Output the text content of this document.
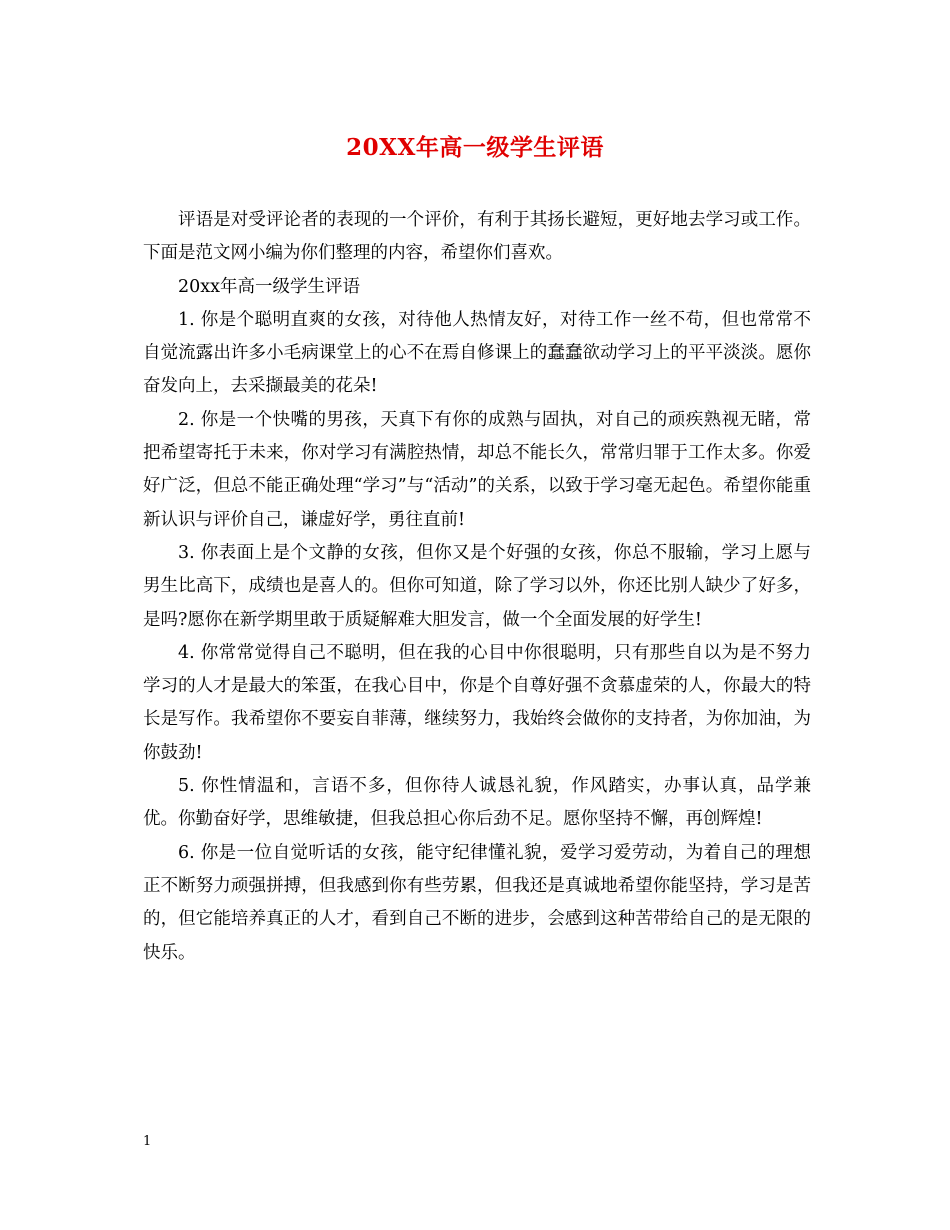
20XX年高一级学生评语

评语是对受评论者的表现的一个评价，有利于其扬长避短，更好地去学习或工作。下面是范文网小编为你们整理的内容，希望你们喜欢。

20xx年高一级学生评语

1. 你是个聪明直爽的女孩，对待他人热情友好，对待工作一丝不苟，但也常常不自觉流露出许多小毛病课堂上的心不在焉自修课上的蠢蠢欲动学习上的平平淡淡。愿你奋发向上，去采撷最美的花朵!

2. 你是一个快嘴的男孩，天真下有你的成熟与固执，对自己的顽疾熟视无睹，常把希望寄托于未来，你对学习有满腔热情，却总不能长久，常常归罪于工作太多。你爱好广泛，但总不能正确处理“学习”与“活动”的关系，以致于学习毫无起色。希望你能重新认识与评价自己，谦虚好学，勇往直前!

3. 你表面上是个文静的女孩，但你又是个好强的女孩，你总不服输，学习上愿与男生比高下，成绩也是喜人的。但你可知道，除了学习以外，你还比别人缺少了好多，是吗?愿你在新学期里敢于质疑解难大胆发言，做一个全面发展的好学生!

4. 你常常觉得自己不聪明，但在我的心目中你很聪明，只有那些自以为是不努力学习的人才是最大的笨蛋，在我心目中，你是个自尊好强不贪慕虚荣的人，你最大的特长是写作。我希望你不要妄自菲薄，继续努力，我始终会做你的支持者，为你加油，为你鼓劲!

5. 你性情温和，言语不多，但你待人诚恳礼貌，作风踏实，办事认真，品学兼优。你勤奋好学，思维敏捷，但我总担心你后劲不足。愿你坚持不懈，再创辉煌!

6. 你是一位自觉听话的女孩，能守纪律懂礼貌，爱学习爱劳动，为着自己的理想正不断努力顽强拼搏，但我感到你有些劳累，但我还是真诚地希望你能坚持，学习是苦的，但它能培养真正的人才，看到自己不断的进步，会感到这种苦带给自己的是无限的快乐。

1
